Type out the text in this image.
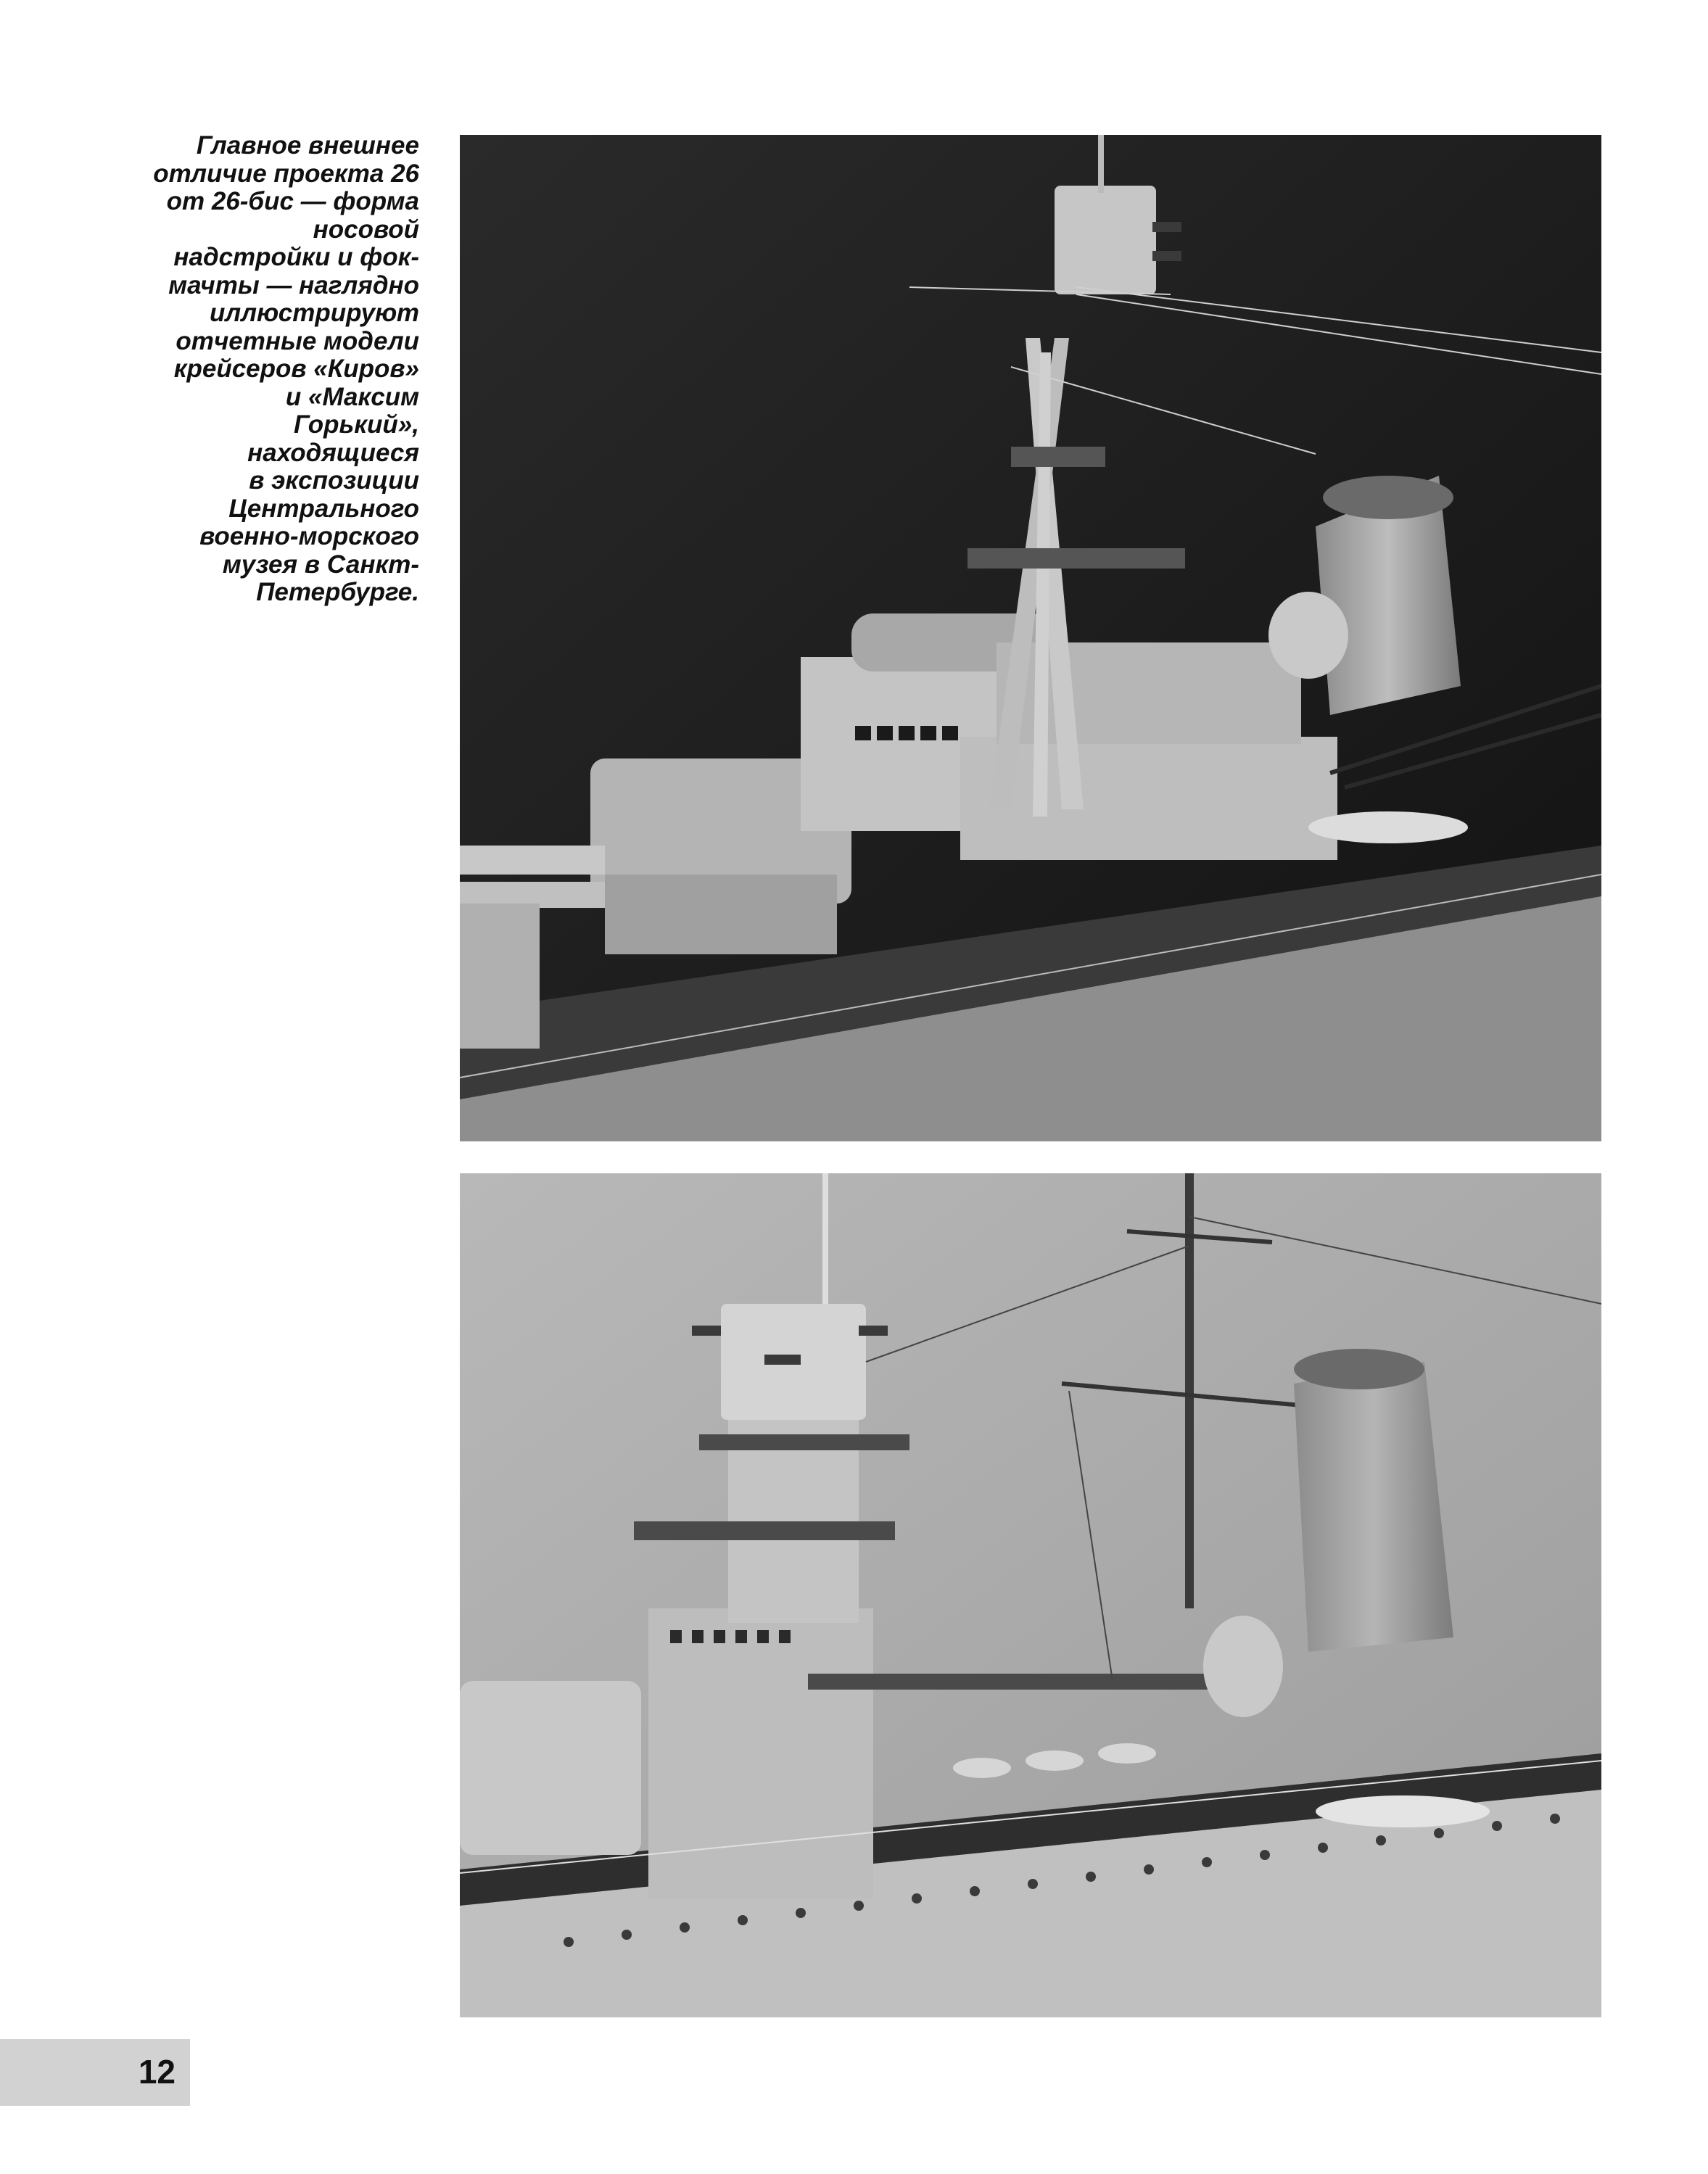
Главное внешнее
отличие проекта 26
от 26-бис — форма
носовой
надстройки и фок-
мачты — наглядно
иллюстрируют
отчетные модели
крейсеров «Киров»
и «Максим
Горький»,
находящиеся
в экспозиции
Центрального
военно-морского
музея в Санкт-
Петербурге.
12
